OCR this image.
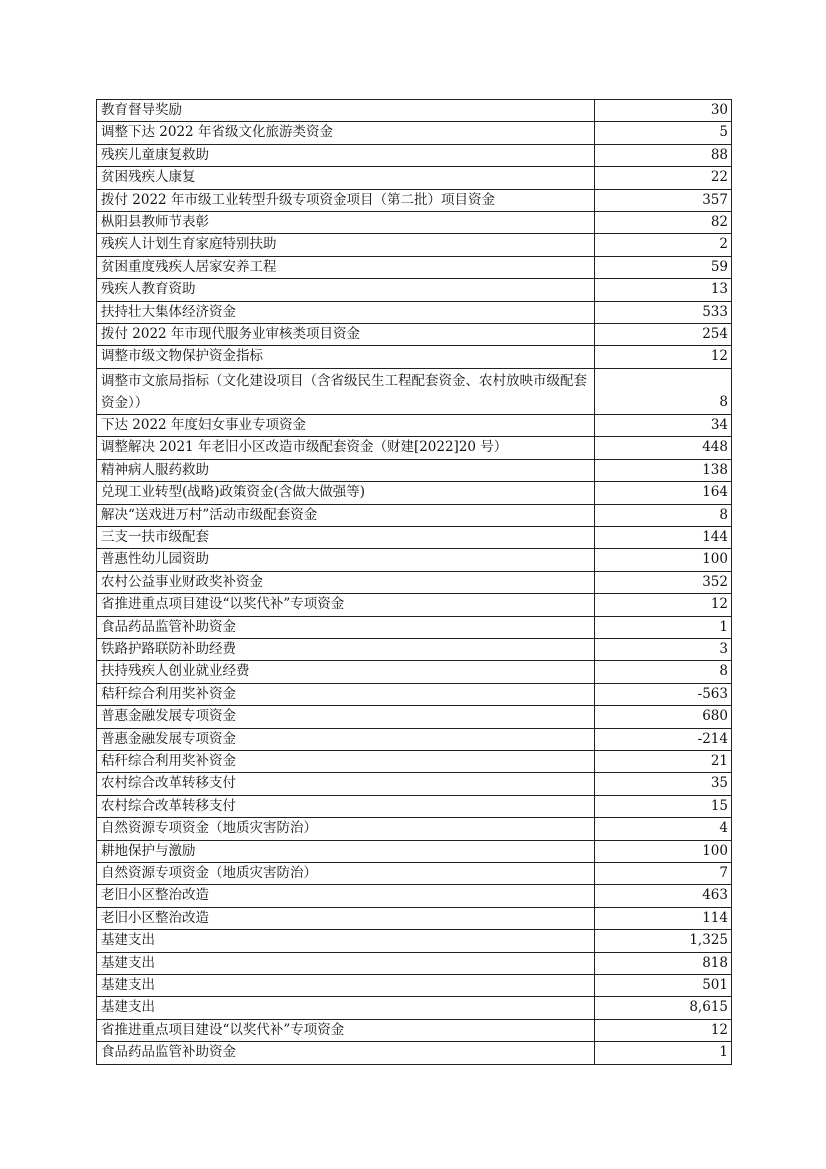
教育督导奖励	30
调整下达 2022 年省级文化旅游类资金	5
残疾儿童康复救助	88
贫困残疾人康复	22
拨付 2022 年市级工业转型升级专项资金项目（第二批）项目资金	357
枞阳县教师节表彰	82
残疾人计划生育家庭特别扶助	2
贫困重度残疾人居家安养工程	59
残疾人教育资助	13
扶持壮大集体经济资金	533
拨付 2022 年市现代服务业审核类项目资金	254
调整市级文物保护资金指标	12
调整市文旅局指标（文化建设项目（含省级民生工程配套资金、农村放映市级配套资金））	8
下达 2022 年度妇女事业专项资金	34
调整解决 2021 年老旧小区改造市级配套资金（财建[2022]20 号）	448
精神病人服药救助	138
兑现工业转型(战略)政策资金(含做大做强等)	164
解决“送戏进万村”活动市级配套资金	8
三支一扶市级配套	144
普惠性幼儿园资助	100
农村公益事业财政奖补资金	352
省推进重点项目建设“以奖代补”专项资金	12
食品药品监管补助资金	1
铁路护路联防补助经费	3
扶持残疾人创业就业经费	8
秸秆综合利用奖补资金	-563
普惠金融发展专项资金	680
普惠金融发展专项资金	-214
秸秆综合利用奖补资金	21
农村综合改革转移支付	35
农村综合改革转移支付	15
自然资源专项资金（地质灾害防治）	4
耕地保护与激励	100
自然资源专项资金（地质灾害防治）	7
老旧小区整治改造	463
老旧小区整治改造	114
基建支出	1,325
基建支出	818
基建支出	501
基建支出	8,615
省推进重点项目建设“以奖代补”专项资金	12
食品药品监管补助资金	1
